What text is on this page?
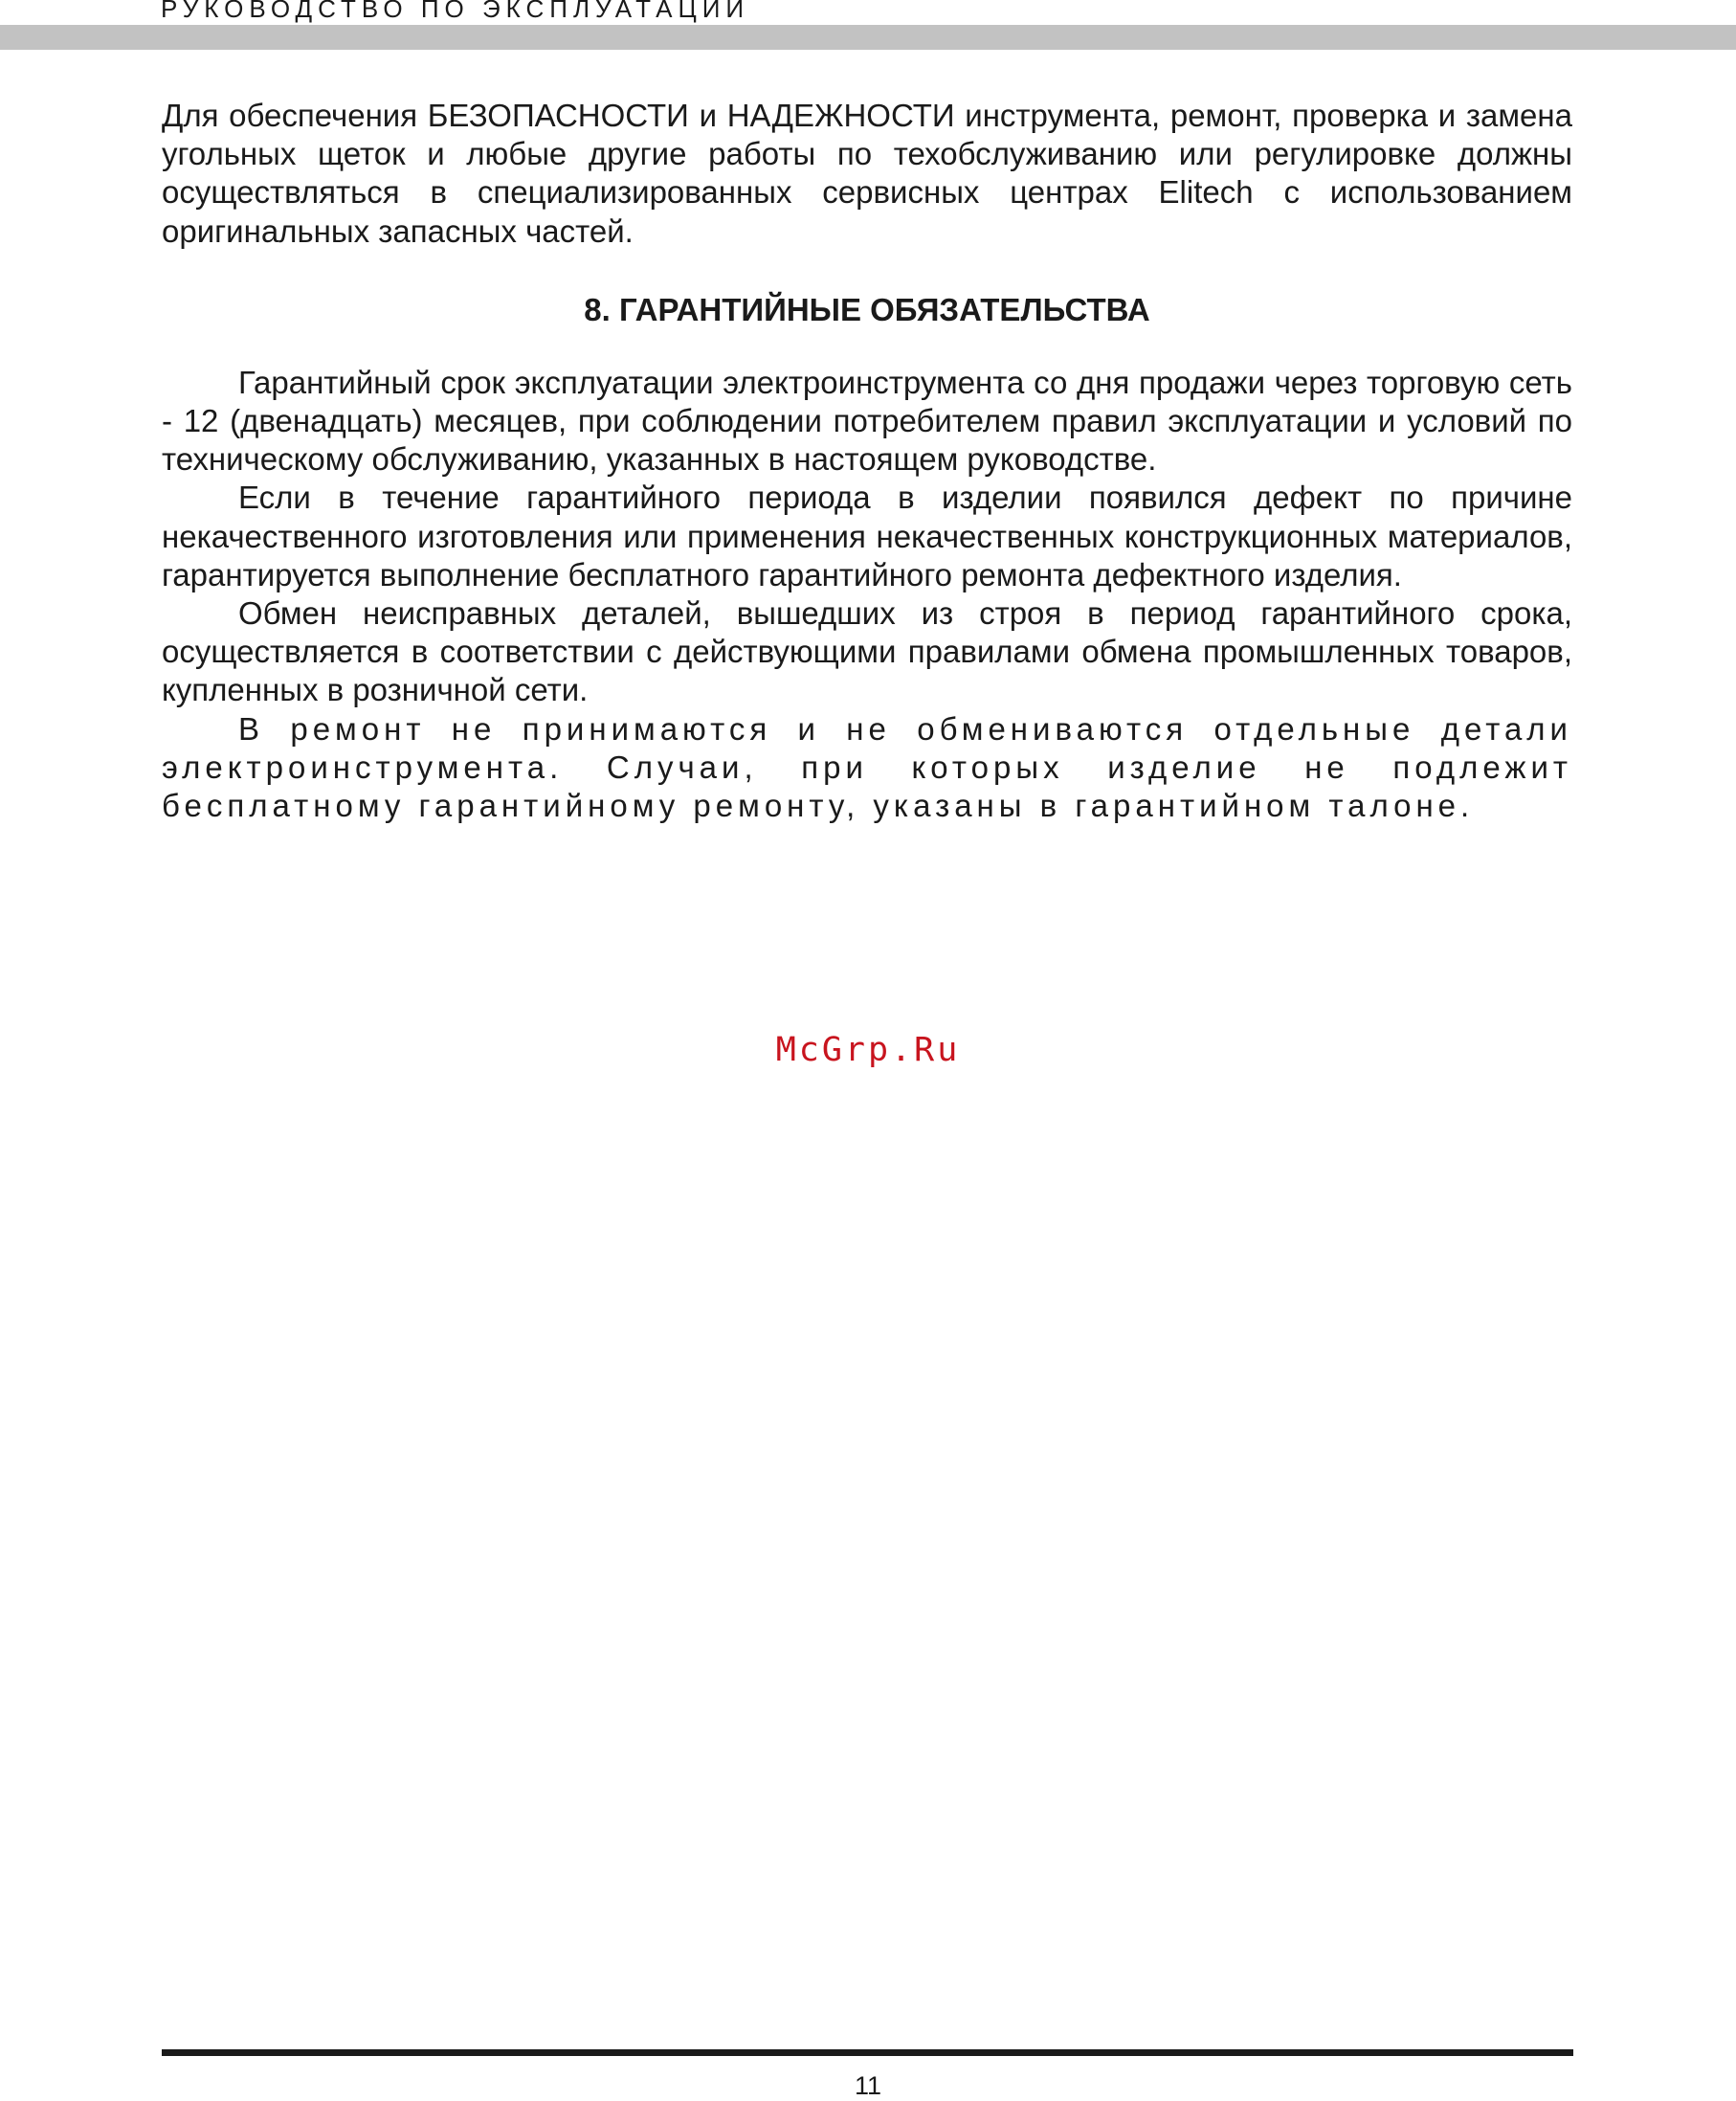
РУКОВОДСТВО ПО ЭКСПЛУАТАЦИИ

Для обеспечения БЕЗОПАСНОСТИ и НАДЕЖНОСТИ инструмента, ремонт, проверка и замена угольных щеток и любые другие работы по техобслуживанию или регулировке должны осуществляться в специализированных сервисных центрах Elitech с использованием оригинальных запасных частей.

8. ГАРАНТИЙНЫЕ ОБЯЗАТЕЛЬСТВА

Гарантийный срок эксплуатации электроинструмента со дня продажи через торговую сеть - 12 (двенадцать) месяцев, при соблюдении потребителем правил эксплуатации и условий по техническому обслуживанию, указанных в настоящем руководстве.

Если в течение гарантийного периода в изделии появился дефект по причине некачественного изготовления или применения некачественных конструкционных материалов, гарантируется выполнение бесплатного гарантийного ремонта дефектного изделия.

Обмен неисправных деталей, вышедших из строя в период гарантийного срока, осуществляется в соответствии с действующими правилами обмена промышленных товаров, купленных в розничной сети.

В ремонт не принимаются и не обмениваются отдельные детали электроинструмента. Случаи, при которых изделие не подлежит бесплатному гарантийному ремонту, указаны в гарантийном талоне.

McGrp.Ru
11
